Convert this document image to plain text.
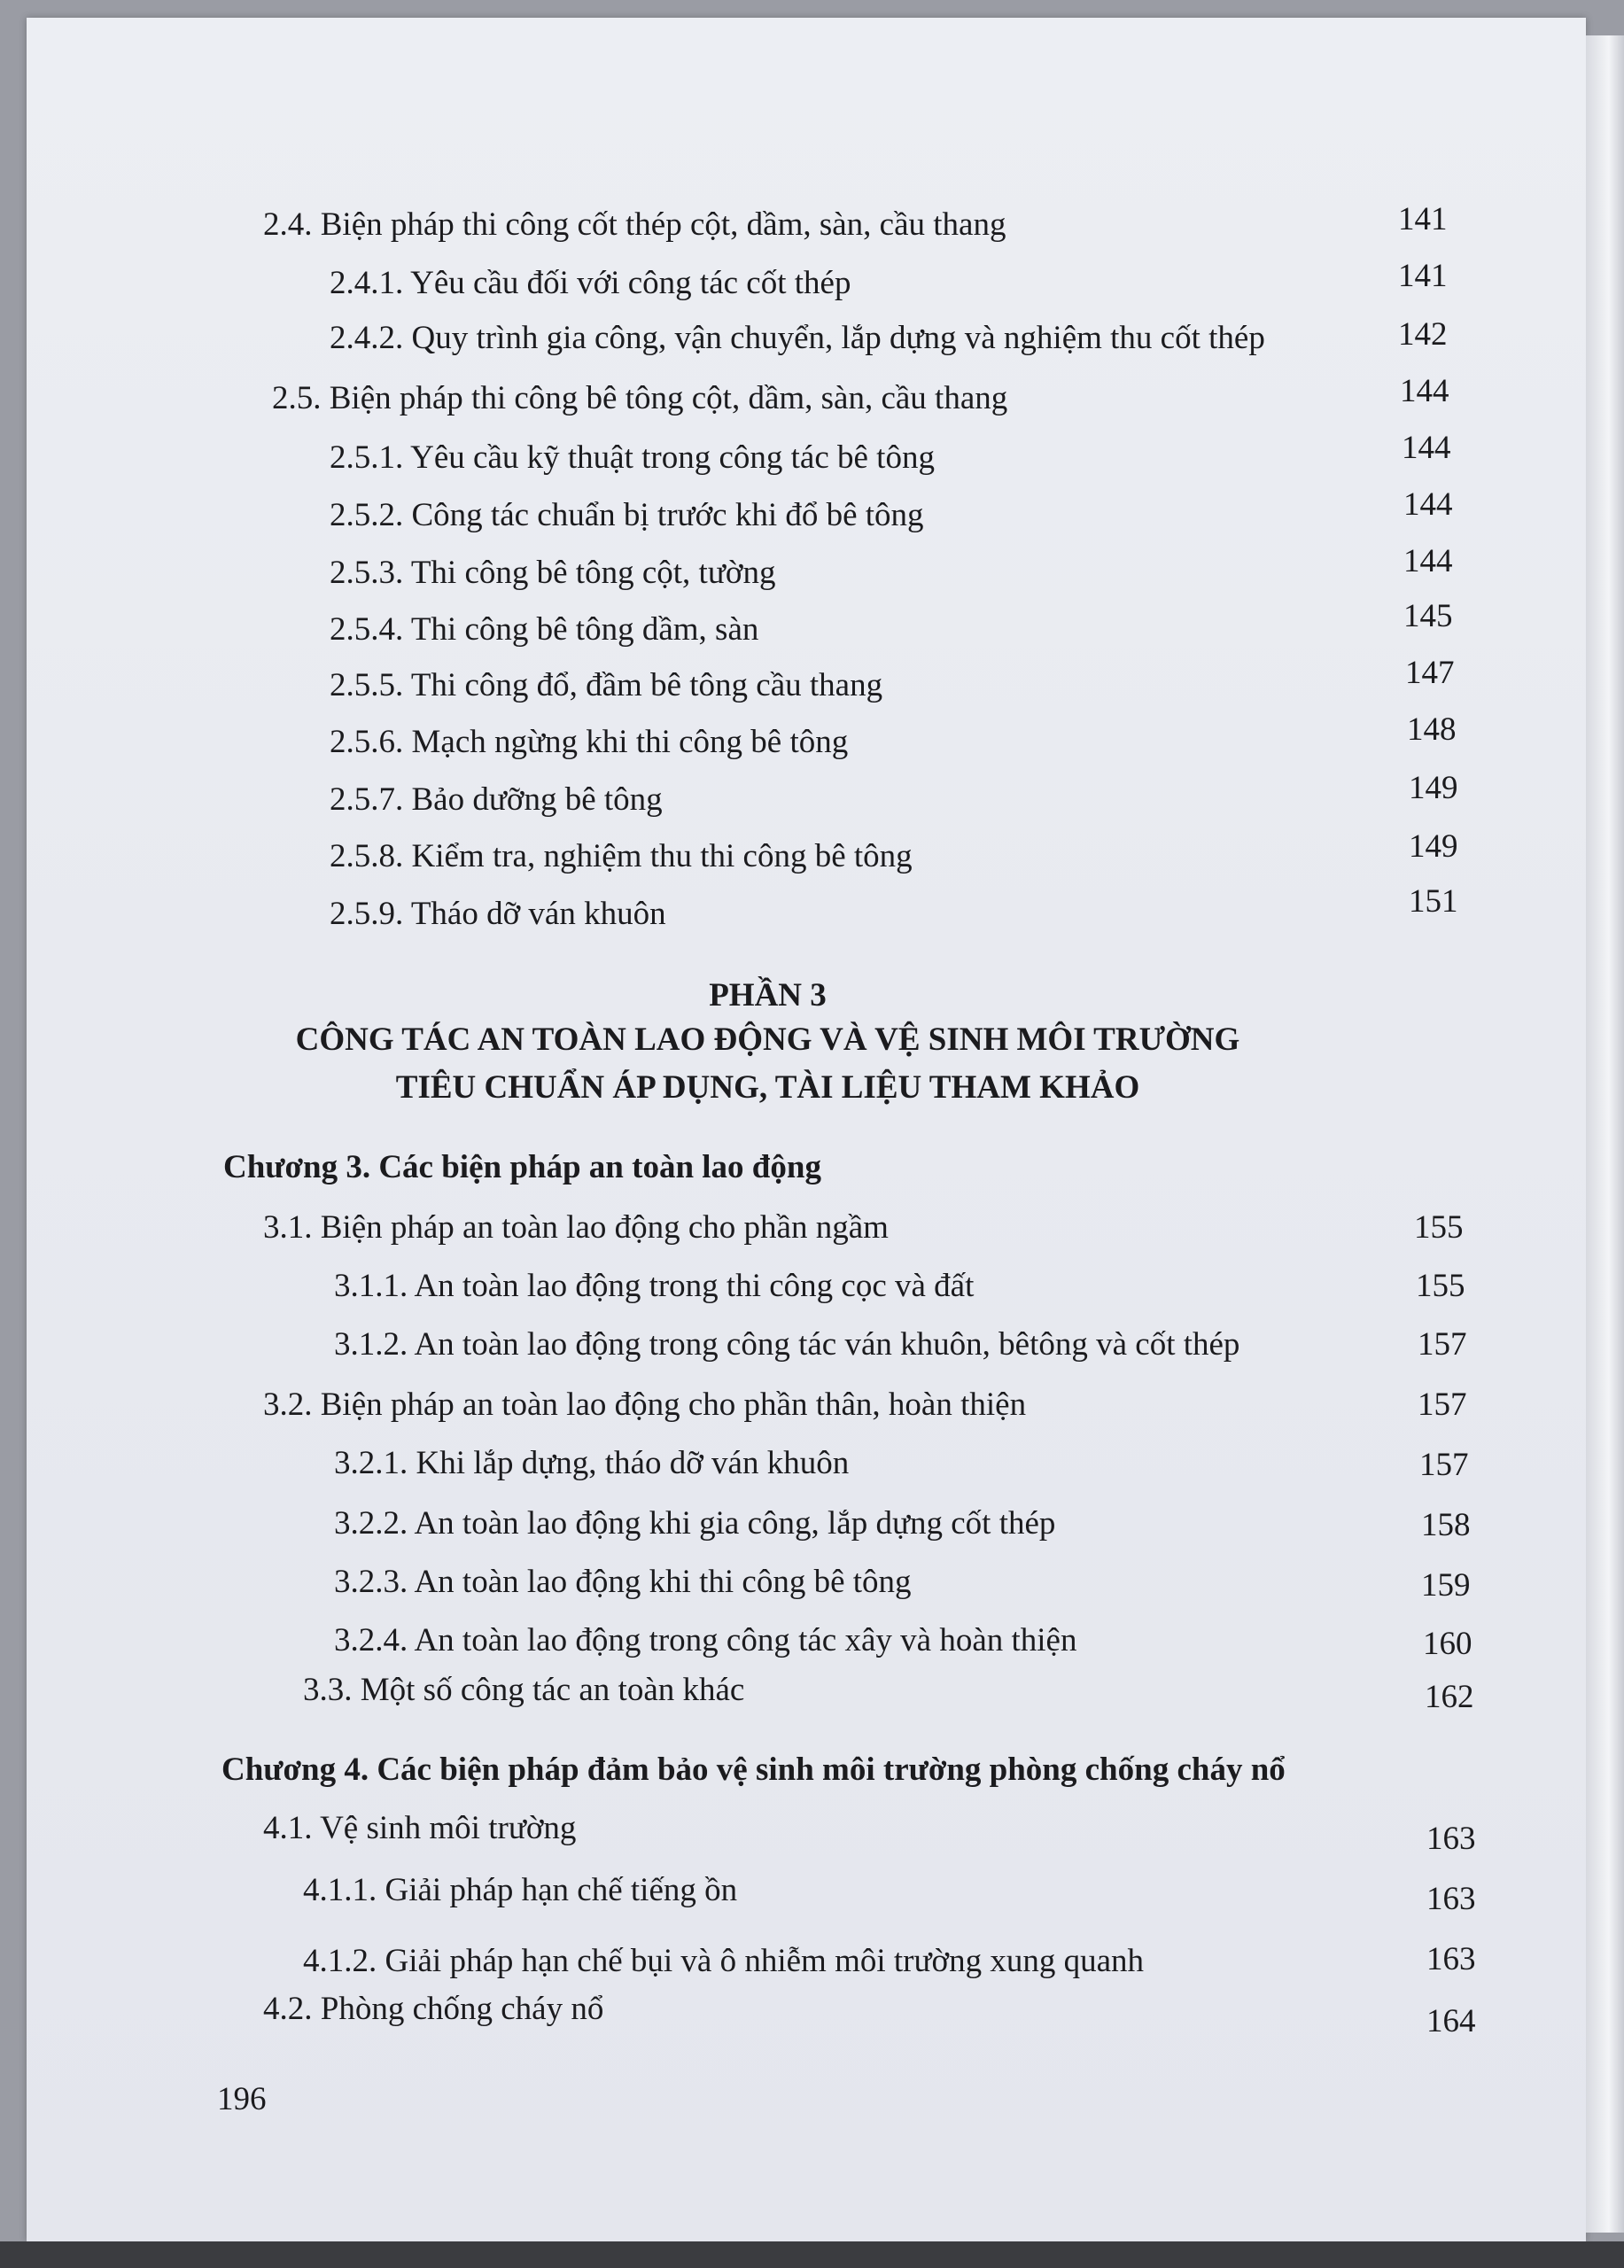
2.4. Biện pháp thi công cốt thép cột, dầm, sàn, cầu thang	141
2.4.1. Yêu cầu đối với công tác cốt thép	141
2.4.2. Quy trình gia công, vận chuyển, lắp dựng và nghiệm thu cốt thép	142
2.5. Biện pháp thi công bê tông cột, dầm, sàn, cầu thang	144
2.5.1. Yêu cầu kỹ thuật trong công tác bê tông	144
2.5.2. Công tác chuẩn bị trước khi đổ bê tông	144
2.5.3. Thi công bê tông cột, tường	144
2.5.4. Thi công bê tông dầm, sàn	145
2.5.5. Thi công đổ, đầm bê tông cầu thang	147
2.5.6. Mạch ngừng khi thi công bê tông	148
2.5.7. Bảo dưỡng bê tông	149
2.5.8. Kiểm tra, nghiệm thu thi công bê tông	149
2.5.9. Tháo dỡ ván khuôn	151
PHẦN 3
CÔNG TÁC AN TOÀN LAO ĐỘNG VÀ VỆ SINH MÔI TRƯỜNG
TIÊU CHUẨN ÁP DỤNG, TÀI LIỆU THAM KHẢO
Chương 3. Các biện pháp an toàn lao động
3.1. Biện pháp an toàn lao động cho phần ngầm	155
3.1.1. An toàn lao động trong thi công cọc và đất	155
3.1.2. An toàn lao động trong công tác ván khuôn, bêtông và cốt thép	157
3.2. Biện pháp an toàn lao động cho phần thân, hoàn thiện	157
3.2.1. Khi lắp dựng, tháo dỡ ván khuôn	157
3.2.2. An toàn lao động khi gia công, lắp dựng cốt thép	158
3.2.3. An toàn lao động khi thi công bê tông	159
3.2.4. An toàn lao động trong công tác xây và hoàn thiện	160
3.3. Một số công tác an toàn khác	162
Chương 4. Các biện pháp đảm bảo vệ sinh môi trường phòng chống cháy nổ
4.1. Vệ sinh môi trường	163
4.1.1. Giải pháp hạn chế tiếng ồn	163
4.1.2. Giải pháp hạn chế bụi và ô nhiễm môi trường xung quanh	163
4.2. Phòng chống cháy nổ	164
196
